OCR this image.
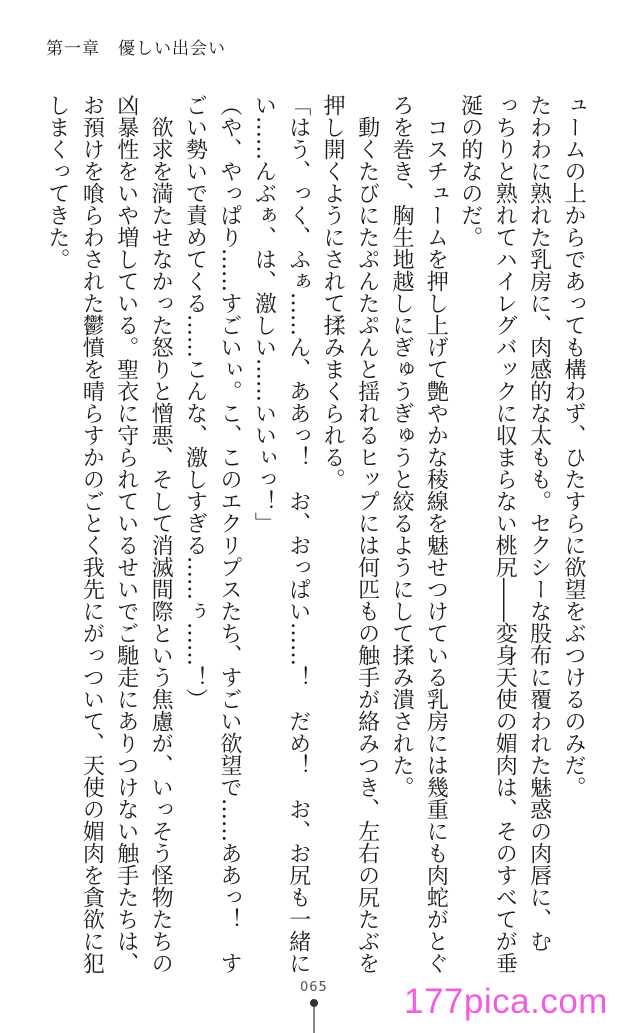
第一章　優しい出会い

ュームの上からであっても構わず、ひたすらに欲望をぶつけるのみだ。

たわわに熟れた乳房に、肉感的な太もも。セクシーな股布に覆われた魅惑の肉唇に、む

っちりと熟れてハイレグバックに収まらない桃尻――変身天使の媚肉は、そのすべてが垂

涎の的なのだ。

　コスチュームを押し上げて艶やかな稜線を魅せつけている乳房には幾重にも肉蛇がとぐ

ろを巻き、胸生地越しにぎゅうぎゅうと絞るようにして揉み潰された。

　動くたびにたぷんたぷんと揺れるヒップには何匹もの触手が絡みつき、左右の尻たぶを

押し開くようにされて揉みまくられる。

「はう、っく、ふぁ……ん、ああっ！　お、おっぱい……！　だめ！　お、お尻も一緒に

い……んぶぁ、は、激しい……いいぃっ！」

（や、やっぱり……すごいぃ。こ、このエクリプスたち、すごい欲望で……ああっ！　す

ごい勢いで責めてくる……こんな、激しすぎる……ぅ……！）

　欲求を満たせなかった怒りと憎悪、そして消滅間際という焦慮が、いっそう怪物たちの

凶暴性をいや増している。聖衣に守られているせいでご馳走にありつけない触手たちは、

お預けを喰らわされた鬱憤を晴らすかのごとく我先にがっついて、天使の媚肉を貪欲に犯

しまくってきた。

065 177pica.com
